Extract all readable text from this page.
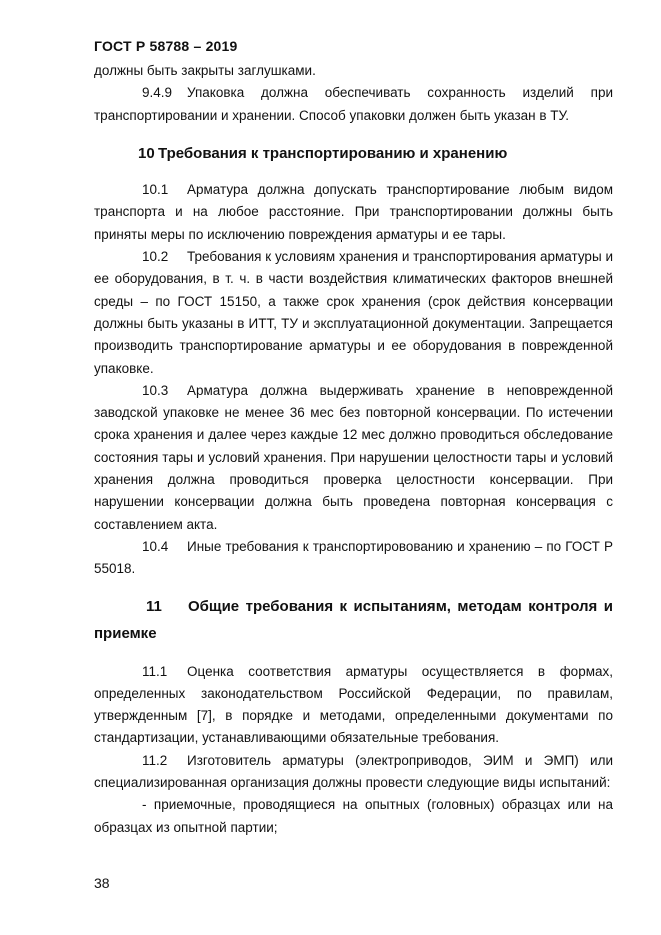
ГОСТ Р 58788 – 2019

должны быть закрыты заглушками.

9.4.9 Упаковка должна обеспечивать сохранность изделий при транспортировании и хранении. Способ упаковки должен быть указан в ТУ.

10 Требования к транспортированию и хранению

10.1 Арматура должна допускать транспортирование любым видом транспорта и на любое расстояние. При транспортировании должны быть приняты меры по исключению повреждения арматуры и ее тары.

10.2 Требования к условиям хранения и транспортирования арматуры и ее оборудования, в т. ч. в части воздействия климатических факторов внешней среды – по ГОСТ 15150, а также срок хранения (срок действия консервации должны быть указаны в ИТТ, ТУ и эксплуатационной документации. Запрещается производить транспортирование арматуры и ее оборудования в поврежденной упаковке.

10.3 Арматура должна выдерживать хранение в неповрежденной заводской упаковке не менее 36 мес без повторной консервации. По истечении срока хранения и далее через каждые 12 мес должно проводиться обследование состояния тары и условий хранения. При нарушении целостности тары и условий хранения должна проводиться проверка целостности консервации. При нарушении консервации должна быть проведена повторная консервация с составлением акта.

10.4 Иные требования к транспортировованию и хранению – по ГОСТ Р 55018.

11 Общие требования к испытаниям, методам контроля и приемке

11.1 Оценка соответствия арматуры осуществляется в формах, определенных законодательством Российской Федерации, по правилам, утвержденным [7], в порядке и методами, определенными документами по стандартизации, устанавливающими обязательные требования.

11.2 Изготовитель арматуры (электроприводов, ЭИМ и ЭМП) или специализированная организация должны провести следующие виды испытаний:

- приемочные, проводящиеся на опытных (головных) образцах или на образцах из опытной партии;

38
